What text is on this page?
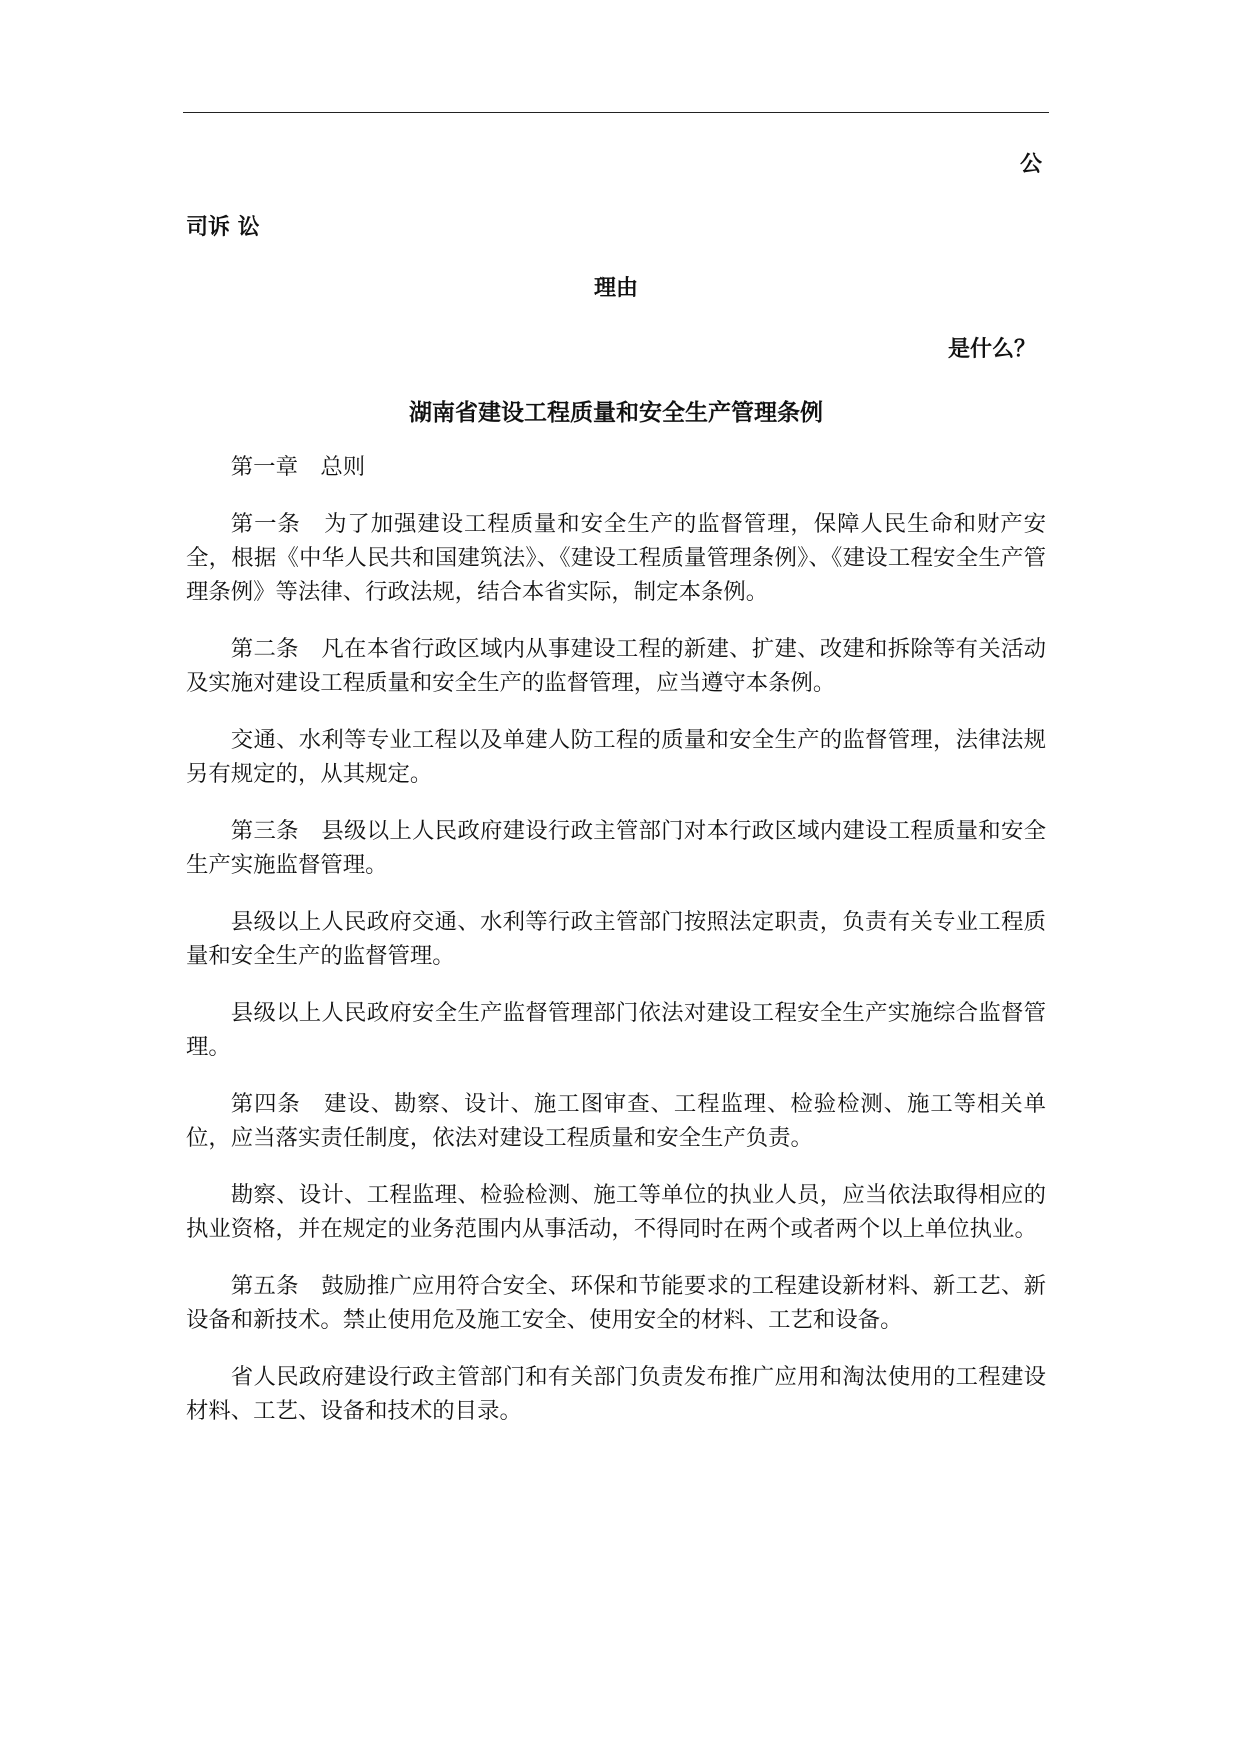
公
司诉 讼
理由
是什么？
湖南省建设工程质量和安全生产管理条例

第一章　总则

第一条　为了加强建设工程质量和安全生产的监督管理，保障人民生命和财产安全，根据《中华人民共和国建筑法》、《建设工程质量管理条例》、《建设工程安全生产管理条例》等法律、行政法规，结合本省实际，制定本条例。

第二条　凡在本省行政区域内从事建设工程的新建、扩建、改建和拆除等有关活动及实施对建设工程质量和安全生产的监督管理，应当遵守本条例。

交通、水利等专业工程以及单建人防工程的质量和安全生产的监督管理，法律法规另有规定的，从其规定。

第三条　县级以上人民政府建设行政主管部门对本行政区域内建设工程质量和安全生产实施监督管理。

县级以上人民政府交通、水利等行政主管部门按照法定职责，负责有关专业工程质量和安全生产的监督管理。

县级以上人民政府安全生产监督管理部门依法对建设工程安全生产实施综合监督管理。

第四条　建设、勘察、设计、施工图审查、工程监理、检验检测、施工等相关单位，应当落实责任制度，依法对建设工程质量和安全生产负责。

勘察、设计、工程监理、检验检测、施工等单位的执业人员，应当依法取得相应的执业资格，并在规定的业务范围内从事活动，不得同时在两个或者两个以上单位执业。

第五条　鼓励推广应用符合安全、环保和节能要求的工程建设新材料、新工艺、新设备和新技术。禁止使用危及施工安全、使用安全的材料、工艺和设备。

省人民政府建设行政主管部门和有关部门负责发布推广应用和淘汰使用的工程建设材料、工艺、设备和技术的目录。
